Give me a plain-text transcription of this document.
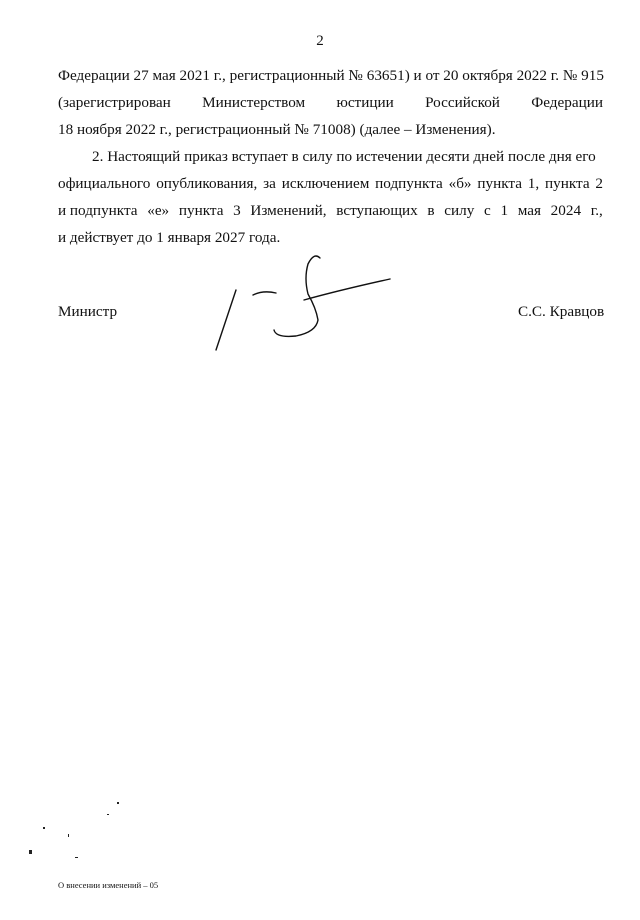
2
Федерации 27 мая 2021 г., регистрационный № 63651) и от 20 октября 2022 г. № 915
(зарегистрирован Министерством юстиции Российской Федерации
18 ноября 2022 г., регистрационный № 71008) (далее – Изменения).
2. Настоящий приказ вступает в силу по истечении десяти дней после дня его
официального опубликования, за исключением подпункта «б» пункта 1, пункта 2
и подпункта «е» пункта 3 Изменений, вступающих в силу с 1 мая 2024 г.,
и действует до 1 января 2027 года.
Министр	С.С. Кравцов
О внесении изменений – 05
